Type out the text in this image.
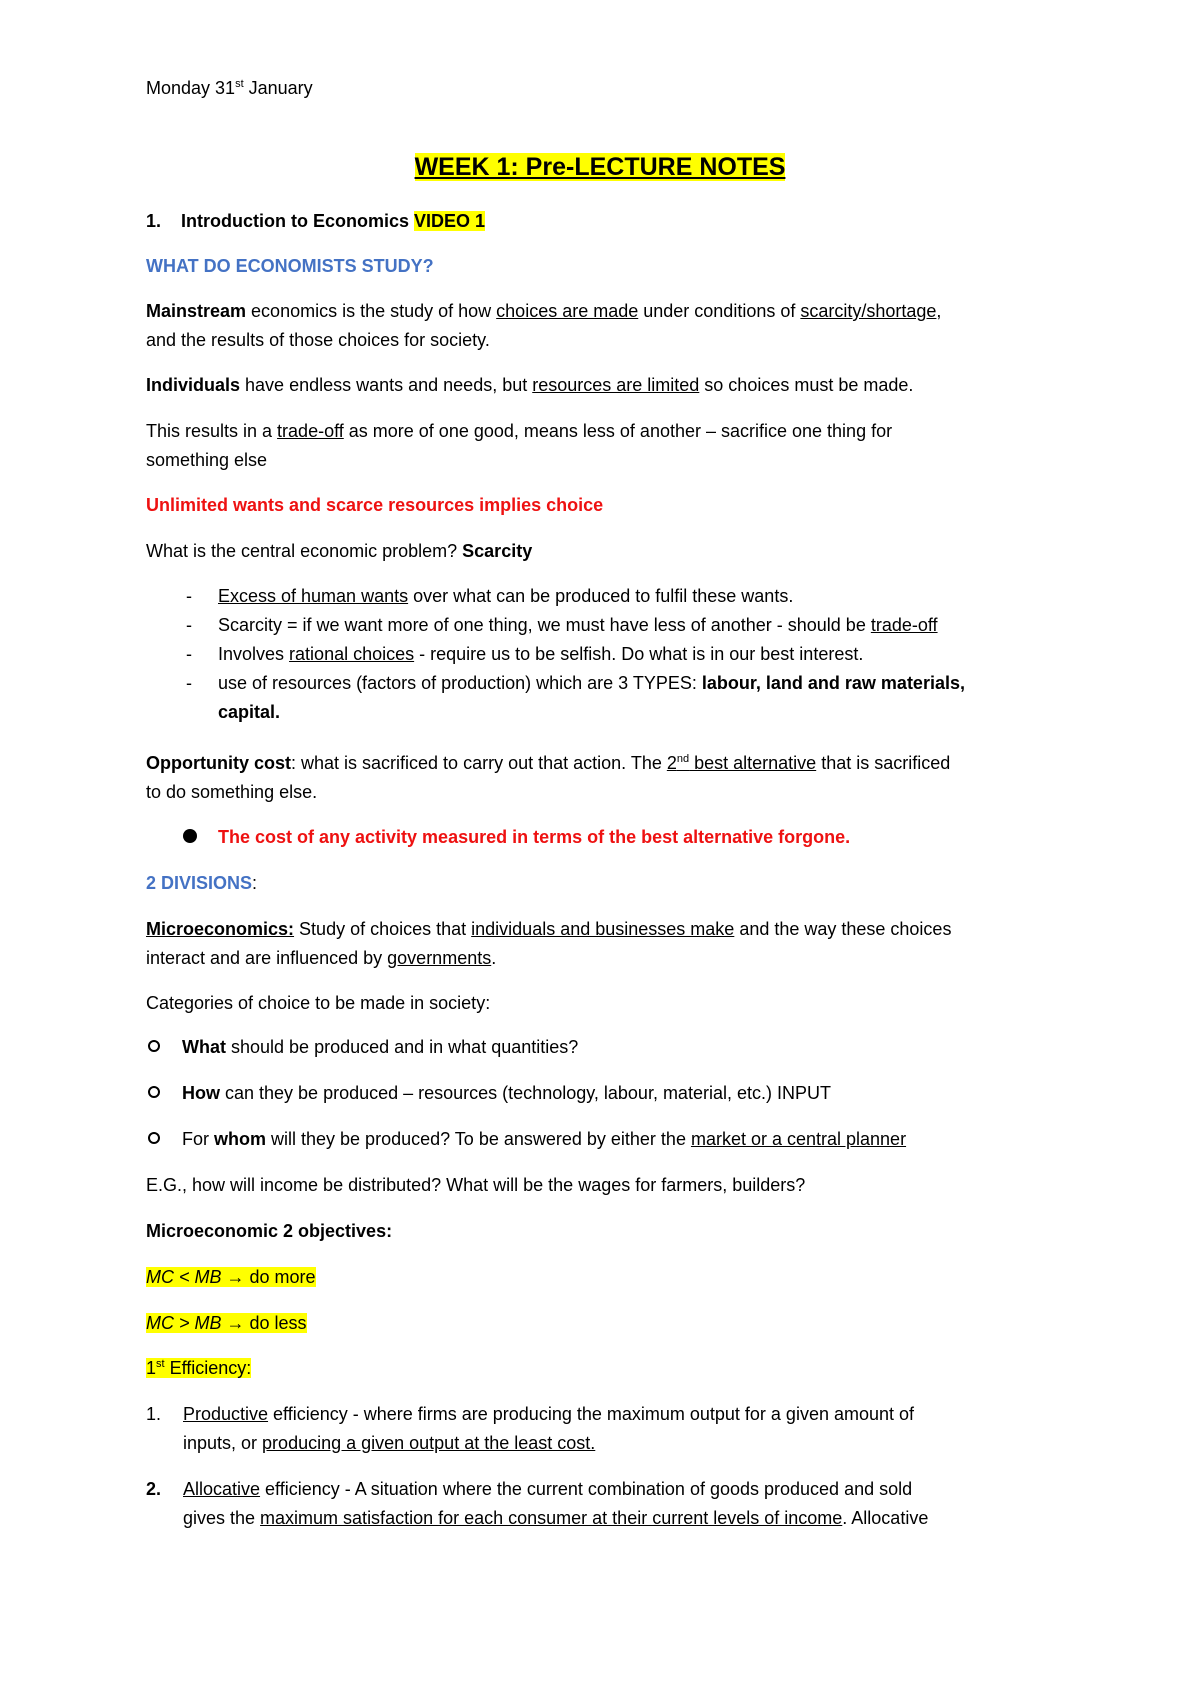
Monday 31st January
WEEK 1: Pre-LECTURE NOTES
1. Introduction to Economics VIDEO 1
WHAT DO ECONOMISTS STUDY?
Mainstream economics is the study of how choices are made under conditions of scarcity/shortage,
and the results of those choices for society.
Individuals have endless wants and needs, but resources are limited so choices must be made.
This results in a trade-off as more of one good, means less of another – sacrifice one thing for
something else
Unlimited wants and scarce resources implies choice
What is the central economic problem? Scarcity
- Excess of human wants over what can be produced to fulfil these wants.
- Scarcity = if we want more of one thing, we must have less of another - should be trade-off
- Involves rational choices - require us to be selfish. Do what is in our best interest.
- use of resources (factors of production) which are 3 TYPES: labour, land and raw materials,
capital.
Opportunity cost: what is sacrificed to carry out that action. The 2nd best alternative that is sacrificed
to do something else.
The cost of any activity measured in terms of the best alternative forgone.
2 DIVISIONS:
Microeconomics: Study of choices that individuals and businesses make and the way these choices
interact and are influenced by governments.
Categories of choice to be made in society:
What should be produced and in what quantities?
How can they be produced – resources (technology, labour, material, etc.) INPUT
For whom will they be produced? To be answered by either the market or a central planner
E.G., how will income be distributed? What will be the wages for farmers, builders?
Microeconomic 2 objectives:
MC < MB → do more
MC > MB → do less
1st Efficiency:
1. Productive efficiency - where firms are producing the maximum output for a given amount of
inputs, or producing a given output at the least cost.
2. Allocative efficiency - A situation where the current combination of goods produced and sold
gives the maximum satisfaction for each consumer at their current levels of income. Allocative
